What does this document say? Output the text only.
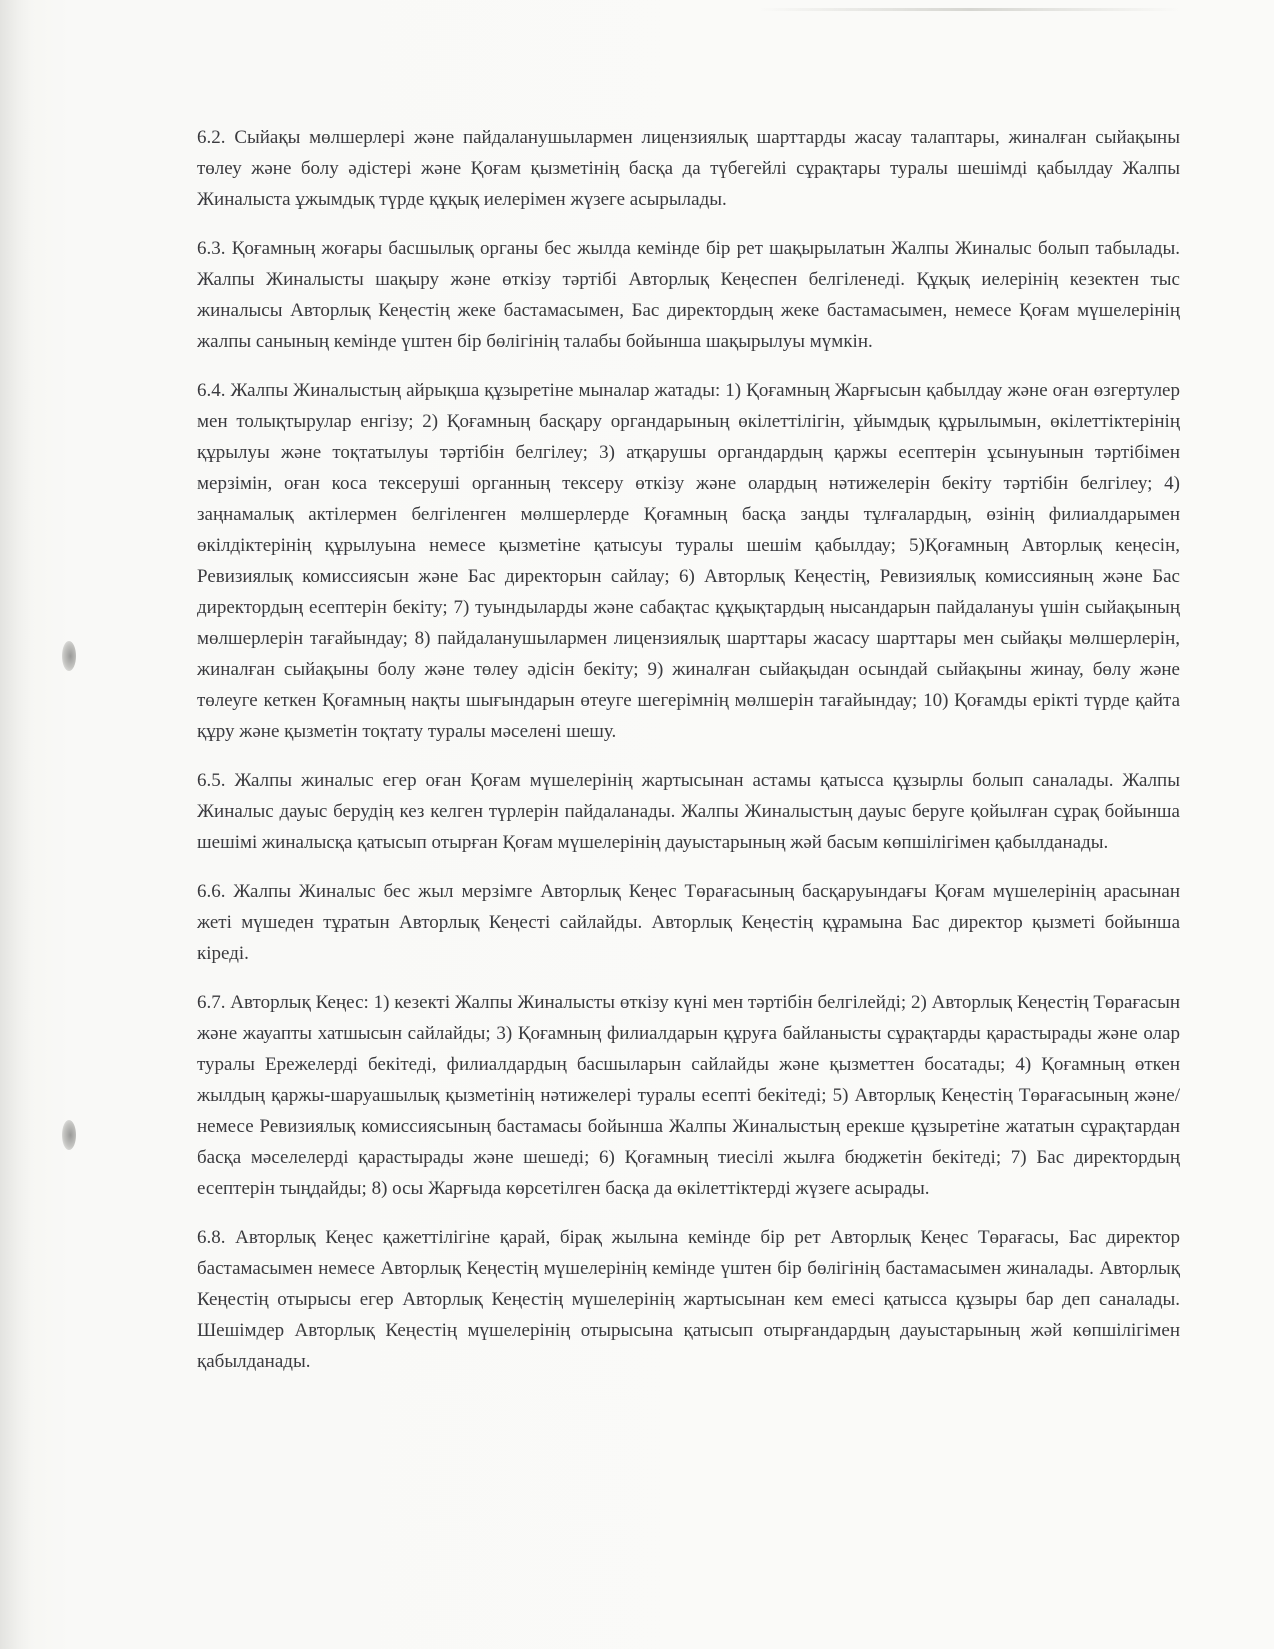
6.2. Сыйақы мөлшерлері және пайдаланушылармен лицензиялық шарттарды жасау талаптары, жиналған сыйақыны төлеу және болу әдістері және Қоғам қызметінің басқа да түбегейлі сұрақтары туралы шешімді қабылдау Жалпы Жиналыста ұжымдық түрде құқық иелерімен жүзеге асырылады.

6.3. Қоғамның жоғары басшылық органы бес жылда кемінде бір рет шақырылатын Жалпы Жиналыс болып табылады. Жалпы Жиналысты шақыру және өткізу тәртібі Авторлық Кеңеспен белгіленеді. Құқық иелерінің кезектен тыс жиналысы Авторлық Кеңестің жеке бастамасымен, Бас директордың жеке бастамасымен, немесе Қоғам мүшелерінің жалпы санының кемінде үштен бір бөлігінің талабы бойынша шақырылуы мүмкін.

6.4. Жалпы Жиналыстың айрықша құзыретіне мыналар жатады: 1) Қоғамның Жарғысын қабылдау және оған өзгертулер мен толықтырулар енгізу; 2) Қоғамның басқару органдарының өкілеттілігін, ұйымдық құрылымын, өкілеттіктерінің құрылуы және тоқтатылуы тәртібін белгілеу; 3) атқарушы органдардың қаржы есептерін ұсынуынын тәртібімен мерзімін, оған коса тексеруші органның тексеру өткізу және олардың нәтижелерін бекіту тәртібін белгілеу; 4) заңнамалық актілермен белгіленген мөлшерлерде Қоғамның басқа заңды тұлғалардың, өзінің филиалдарымен өкілдіктерінің құрылуына немесе қызметіне қатысуы туралы шешім қабылдау; 5)Қоғамның Авторлық кеңесін, Ревизиялық комиссиясын және Бас директорын сайлау; 6) Авторлық Кеңестің, Ревизиялық комиссияның және Бас директордың есептерін бекіту; 7) туындыларды және сабақтас құқықтардың нысандарын пайдалануы үшін сыйақының мөлшерлерін тағайындау; 8) пайдаланушылармен лицензиялық шарттары жасасу шарттары мен сыйақы мөлшерлерін, жиналған сыйақыны болу және төлеу әдісін бекіту; 9) жиналған сыйақыдан осындай сыйақыны жинау, бөлу және төлеуге кеткен Қоғамның нақты шығындарын өтеуге шегерімнің мөлшерін тағайындау; 10) Қоғамды ерікті түрде қайта құру және қызметін тоқтату туралы мәселені шешу.

6.5. Жалпы жиналыс егер оған Қоғам мүшелерінің жартысынан астамы қатысса құзырлы болып саналады. Жалпы Жиналыс дауыс берудің кез келген түрлерін пайдаланады. Жалпы Жиналыстың дауыс беруге қойылған сұрақ бойынша шешімі жиналысқа қатысып отырған Қоғам мүшелерінің дауыстарының жәй басым көпшілігімен қабылданады.

6.6. Жалпы Жиналыс бес жыл мерзімге Авторлық Кеңес Төрағасының басқаруындағы Қоғам мүшелерінің арасынан жеті мүшеден тұратын Авторлық Кеңесті сайлайды. Авторлық Кеңестің құрамына Бас директор қызметі бойынша кіреді.

6.7. Авторлық Кеңес: 1) кезекті Жалпы Жиналысты өткізу күні мен тәртібін белгілейді; 2) Авторлық Кеңестің Төрағасын және жауапты хатшысын сайлайды; 3) Қоғамның филиалдарын құруға байланысты сұрақтарды қарастырады және олар туралы Ережелерді бекітеді, филиалдардың басшыларын сайлайды және қызметтен босатады; 4) Қоғамның өткен жылдың қаржы-шаруашылық қызметінің нәтижелері туралы есепті бекітеді; 5) Авторлық Кеңестің Төрағасының және/немесе Ревизиялық комиссиясының бастамасы бойынша Жалпы Жиналыстың ерекше құзыретіне жататын сұрақтардан басқа мәселелерді қарастырады және шешеді; 6) Қоғамның тиесілі жылға бюджетін бекітеді; 7) Бас директордың есептерін тыңдайды; 8) осы Жарғыда көрсетілген басқа да өкілеттіктерді жүзеге асырады.

6.8. Авторлық Кеңес қажеттілігіне қарай, бірақ жылына кемінде бір рет Авторлық Кеңес Төрағасы, Бас директор бастамасымен немесе Авторлық Кеңестің мүшелерінің кемінде үштен бір бөлігінің бастамасымен жиналады. Авторлық Кеңестің отырысы егер Авторлық Кеңестің мүшелерінің жартысынан кем емесі қатысса құзыры бар деп саналады. Шешімдер Авторлық Кеңестің мүшелерінің отырысына қатысып отырғандардың дауыстарының жәй көпшілігімен қабылданады.
